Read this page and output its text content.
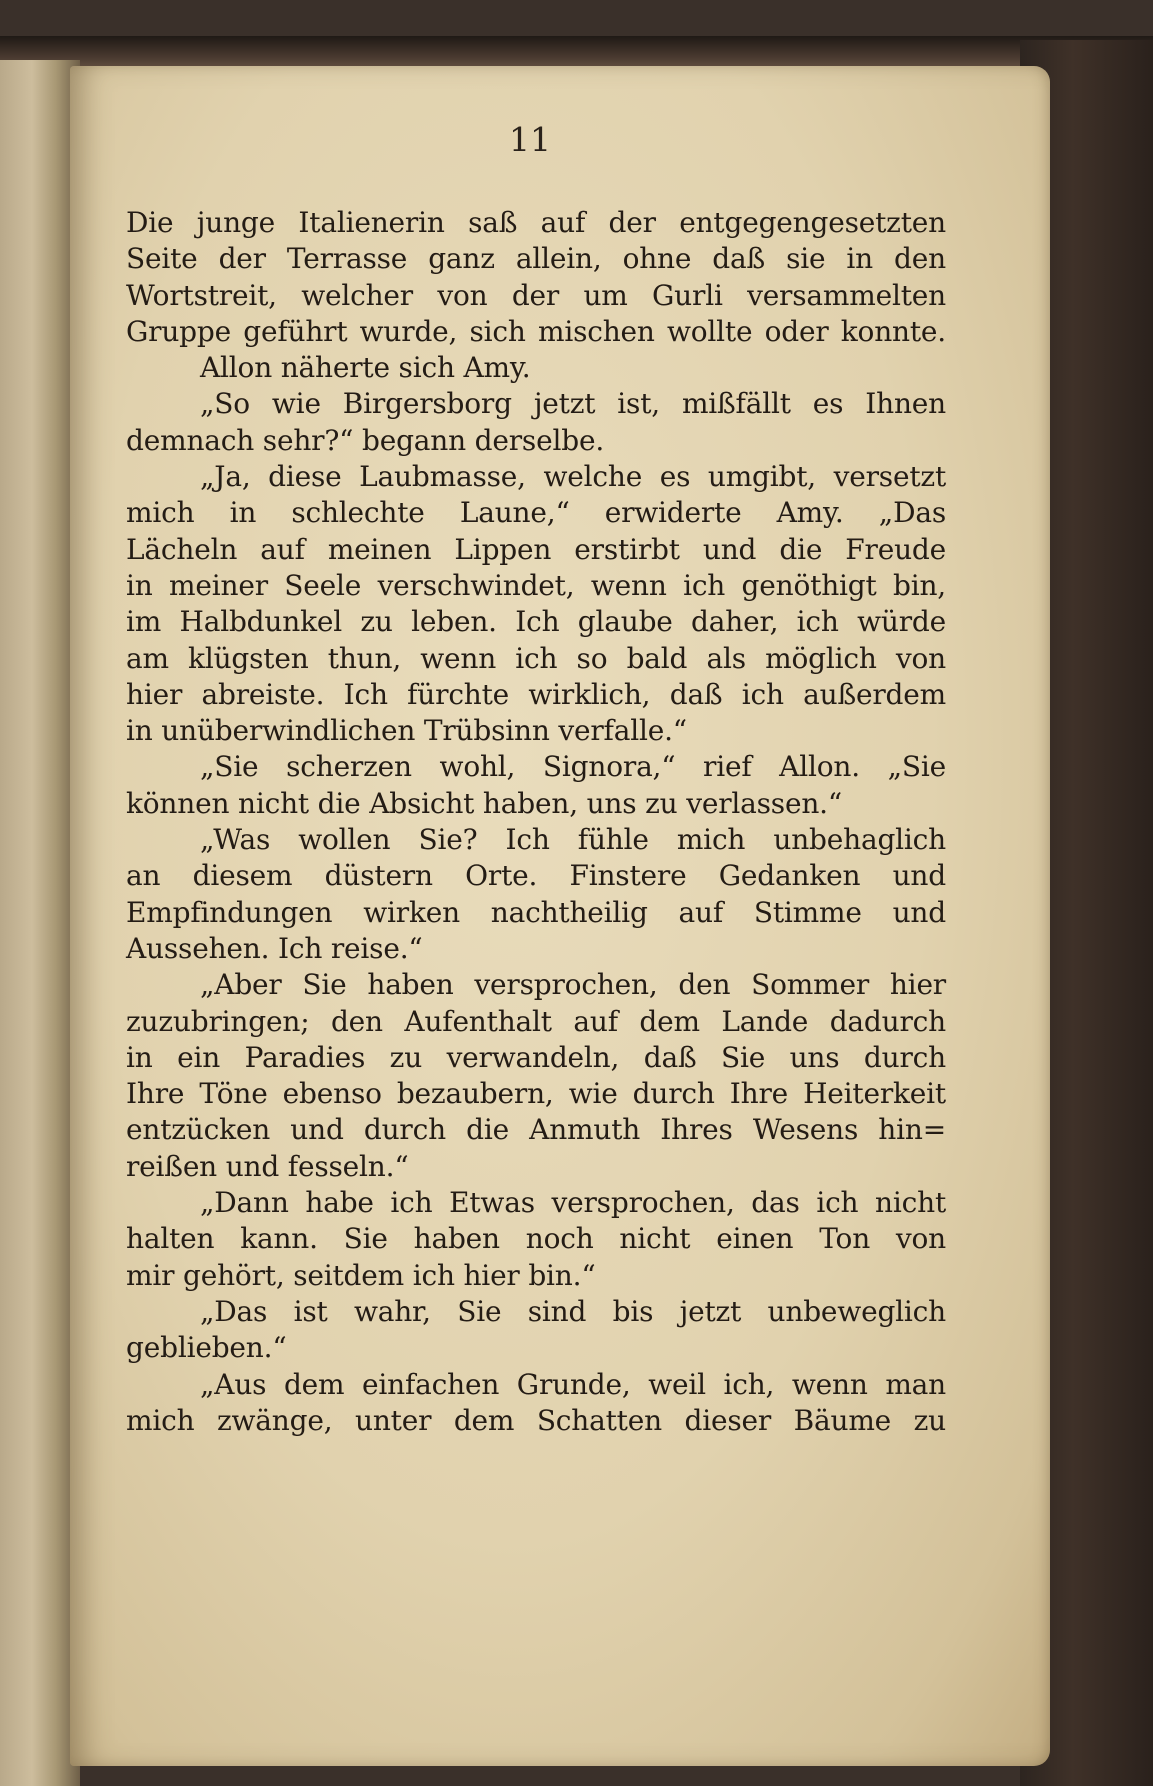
11
Die junge Italienerin saß auf der entgegengesetzten
Seite der Terrasse ganz allein, ohne daß sie in den
Wortstreit, welcher von der um Gurli versammelten
Gruppe geführt wurde, sich mischen wollte oder konnte.
Allon näherte sich Amy.
„So wie Birgersborg jetzt ist, mißfällt es Ihnen
demnach sehr?“ begann derselbe.
„Ja, diese Laubmasse, welche es umgibt, versetzt
mich in schlechte Laune,“ erwiderte Amy. „Das
Lächeln auf meinen Lippen erstirbt und die Freude
in meiner Seele verschwindet, wenn ich genöthigt bin,
im Halbdunkel zu leben. Ich glaube daher, ich würde
am klügsten thun, wenn ich so bald als möglich von
hier abreiste. Ich fürchte wirklich, daß ich außerdem
in unüberwindlichen Trübsinn verfalle.“
„Sie scherzen wohl, Signora,“ rief Allon. „Sie
können nicht die Absicht haben, uns zu verlassen.“
„Was wollen Sie? Ich fühle mich unbehaglich
an diesem düstern Orte. Finstere Gedanken und
Empfindungen wirken nachtheilig auf Stimme und
Aussehen. Ich reise.“
„Aber Sie haben versprochen, den Sommer hier
zuzubringen; den Aufenthalt auf dem Lande dadurch
in ein Paradies zu verwandeln, daß Sie uns durch
Ihre Töne ebenso bezaubern, wie durch Ihre Heiterkeit
entzücken und durch die Anmuth Ihres Wesens hin=
reißen und fesseln.“
„Dann habe ich Etwas versprochen, das ich nicht
halten kann. Sie haben noch nicht einen Ton von
mir gehört, seitdem ich hier bin.“
„Das ist wahr, Sie sind bis jetzt unbeweglich
geblieben.“
„Aus dem einfachen Grunde, weil ich, wenn man
mich zwänge, unter dem Schatten dieser Bäume zu
